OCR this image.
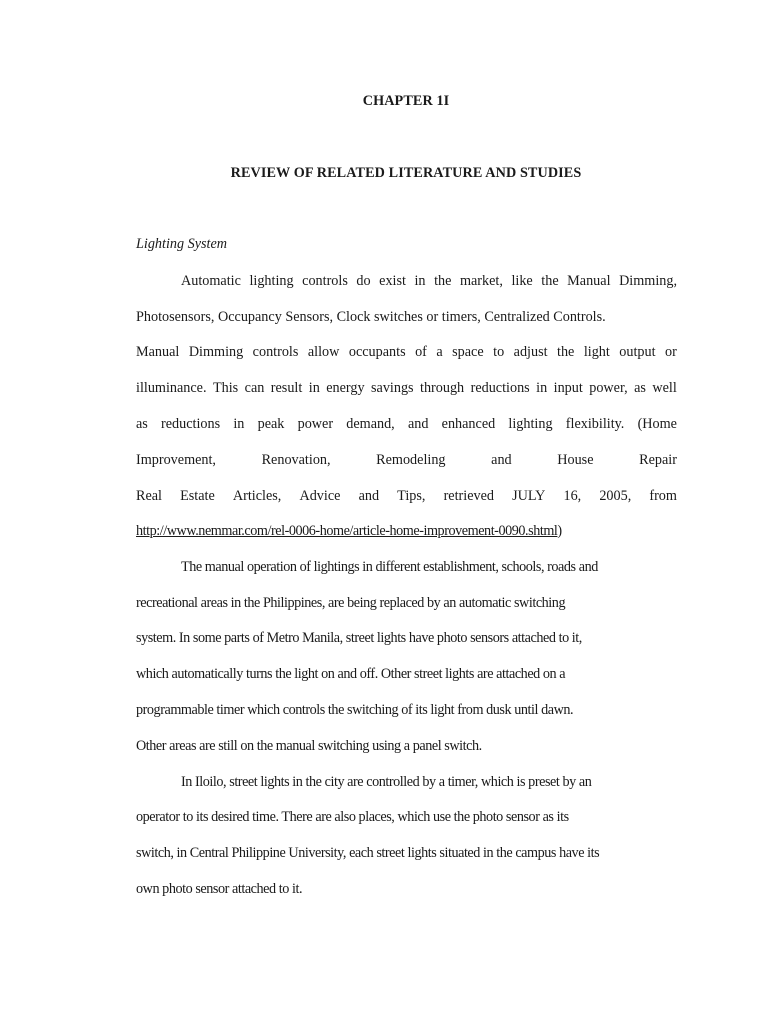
CHAPTER 1I
REVIEW OF RELATED LITERATURE AND STUDIES
Lighting System
Automatic lighting controls do exist in the market, like the Manual Dimming,
Photosensors, Occupancy Sensors, Clock switches or timers, Centralized Controls.
Manual Dimming controls allow occupants of a space to adjust the light output or
illuminance. This can result in energy savings through reductions in input power, as well
as reductions in peak power demand, and enhanced lighting flexibility. (Home
Improvement,	Renovation,	Remodeling	and	House	Repair
Real Estate Articles, Advice and Tips, retrieved JULY 16, 2005, from
http://www.nemmar.com/rel-0006-home/article-home-improvement-0090.shtml)
The manual operation of lightings in different establishment, schools, roads and
recreational areas in the Philippines, are being replaced by an automatic switching
system. In some parts of Metro Manila, street lights have photo sensors attached to it,
which automatically turns the light on and off. Other street lights are attached on a
programmable timer which controls the switching of its light from dusk until dawn.
Other areas are still on the manual switching using a panel switch.
In Iloilo, street lights in the city are controlled by a timer, which is preset by an
operator to its desired time. There are also places, which use the photo sensor as its
switch, in Central Philippine University, each street lights situated in the campus have its
own photo sensor attached to it.
